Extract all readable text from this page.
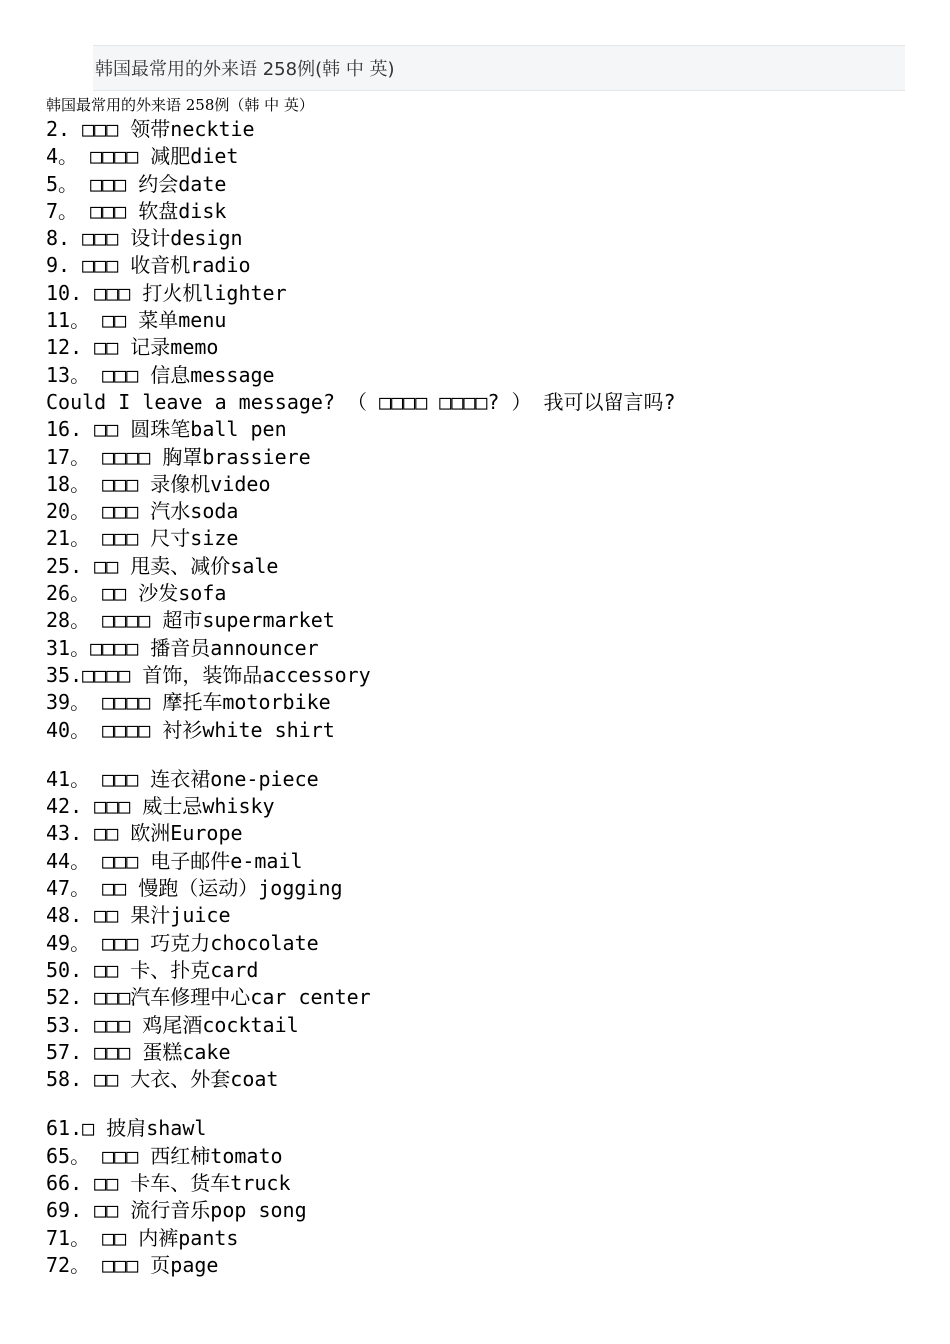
韩国最常用的外来语 258例(韩 中 英)
韩国最常用的外来语 258例（韩 中 英）
2. □□□ 领带necktie
4。 □□□□ 减肥diet
5。 □□□ 约会date
7。 □□□ 软盘disk
8. □□□ 设计design
9. □□□ 收音机radio
10. □□□ 打火机lighter
11。 □□ 菜单menu
12. □□ 记录memo
13。 □□□ 信息message
Could I leave a message? （ □□□□ □□□□? ） 我可以留言吗?
16. □□ 圆珠笔ball pen
17。 □□□□ 胸罩brassiere
18。 □□□ 录像机video
20。 □□□ 汽水soda
21。 □□□ 尺寸size
25. □□ 甩卖、减价sale
26。 □□ 沙发sofa
28。 □□□□ 超市supermarket
31。□□□□ 播音员announcer
35.□□□□ 首饰，装饰品accessory
39。 □□□□ 摩托车motorbike
40。 □□□□ 衬衫white shirt
41。 □□□ 连衣裙one-piece
42. □□□ 威士忌whisky
43. □□ 欧洲Europe
44。 □□□ 电子邮件e-mail
47。 □□ 慢跑（运动）jogging
48. □□ 果汁juice
49。 □□□ 巧克力chocolate
50. □□ 卡、扑克card
52. □□□汽车修理中心car center
53. □□□ 鸡尾酒cocktail
57. □□□ 蛋糕cake
58. □□ 大衣、外套coat
61.□ 披肩shawl
65。 □□□ 西红柿tomato
66. □□ 卡车、货车truck
69. □□ 流行音乐pop song
71。 □□ 内裤pants
72。 □□□ 页page
